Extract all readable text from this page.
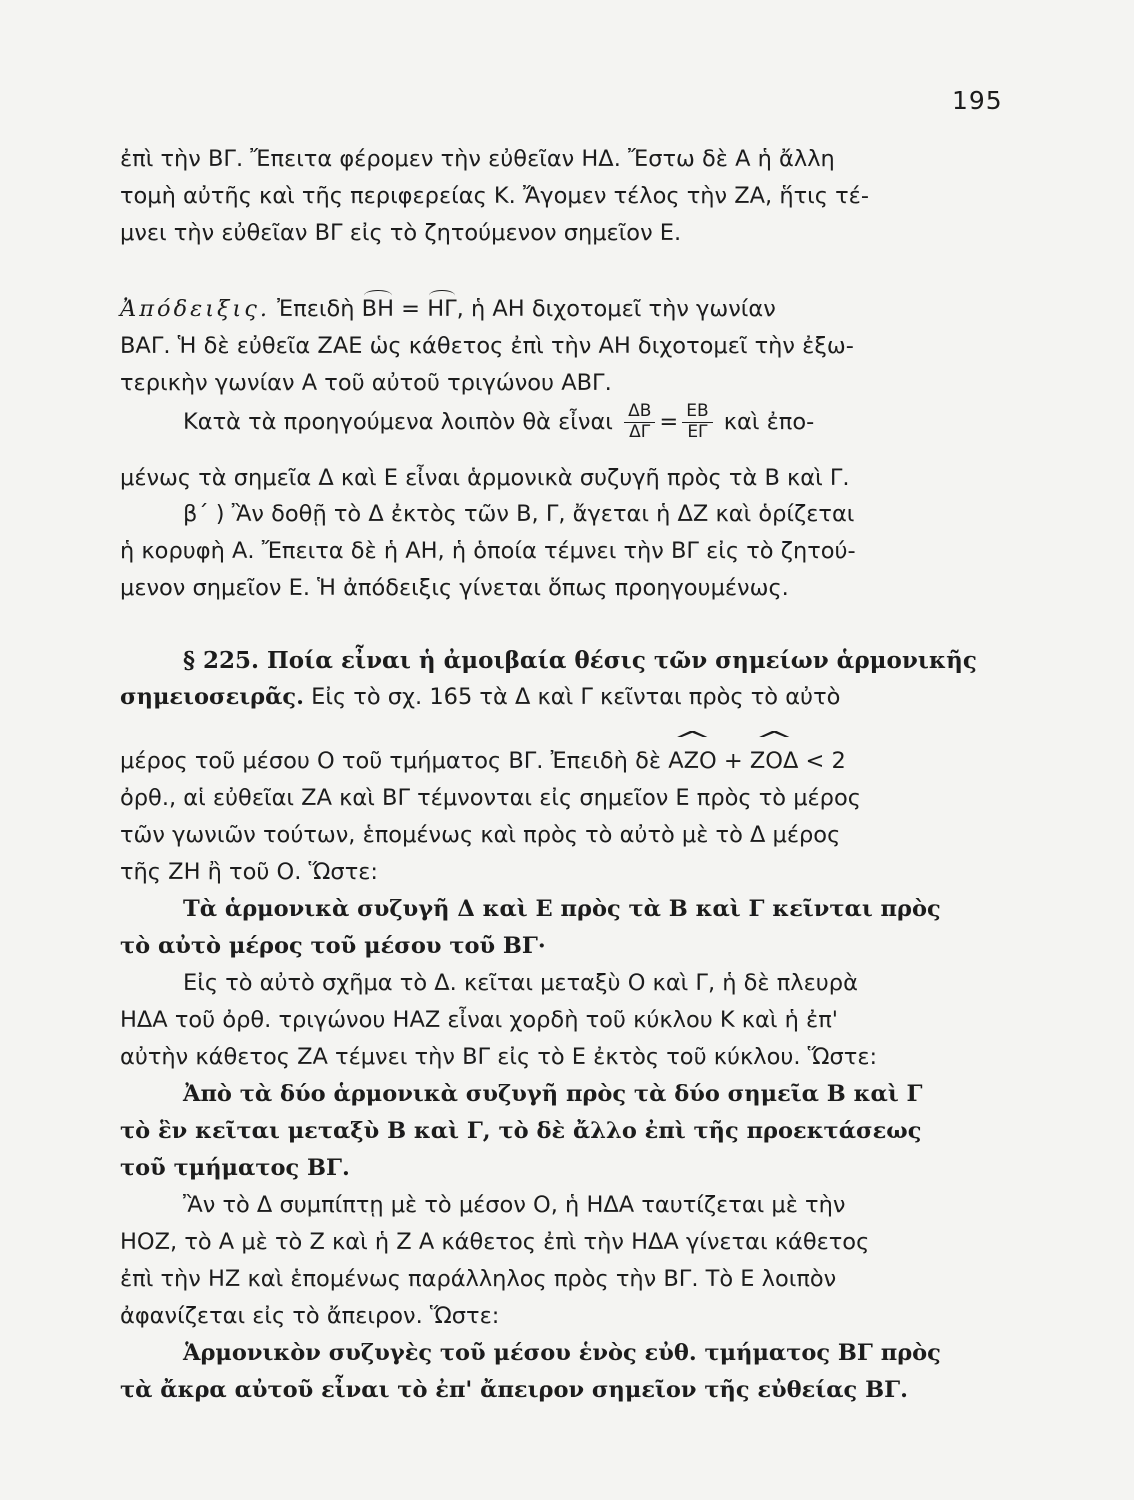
195
ἐπὶ τὴν ΒΓ. Ἔπειτα φέρομεν τὴν εὐθεῖαν ΗΔ. Ἔστω δὲ Α ἡ ἄλλη
τομὴ αὐτῆς καὶ τῆς περιφερείας Κ. Ἄγομεν τέλος τὴν ΖΑ, ἥτις τέ-
μνει τὴν εὐθεῖαν ΒΓ εἰς τὸ ζητούμενον σημεῖον Ε.
Ἀπόδειξις. Ἐπειδὴ ΒΗ = ΗΓ, ἡ ΑΗ διχοτομεῖ τὴν γωνίαν
ΒΑΓ. Ἡ δὲ εὐθεῖα ΖΑΕ ὡς κάθετος ἐπὶ τὴν ΑΗ διχοτομεῖ τὴν ἐξω-
τερικὴν γωνίαν Α τοῦ αὐτοῦ τριγώνου ΑΒΓ.
Κατὰ τὰ προηγούμενα λοιπὸν θὰ εἶναι $\frac{\Delta B}{\Delta\Gamma} = \frac{EB}{E\Gamma}$ καὶ ἐπο-
μένως τὰ σημεῖα Δ καὶ Ε εἶναι ἁρμονικὰ συζυγῆ πρὸς τὰ Β καὶ Γ.
β΄ ) Ἂν δοθῇ τὸ Δ ἐκτὸς τῶν Β, Γ, ἄγεται ἡ ΔΖ καὶ ὁρίζεται
ἡ κορυφὴ Α. Ἔπειτα δὲ ἡ ΑΗ, ἡ ὁποία τέμνει τὴν ΒΓ εἰς τὸ ζητού-
μενον σημεῖον Ε. Ἡ ἀπόδειξις γίνεται ὅπως προηγουμένως.
§ 225. Ποία εἶναι ἡ ἀμοιβαία θέσις τῶν σημείων ἁρμονικῆς
σημειοσειρᾶς. Εἰς τὸ σχ. 165 τὰ Δ καὶ Γ κεῖνται πρὸς τὸ αὐτὸ
μέρος τοῦ μέσου Ο τοῦ τμήματος ΒΓ. Ἐπειδὴ δὲ ^ ΑΖΟ + ^ ΖΟΔ < 2
ὀρθ., αἱ εὐθεῖαι ΖΑ καὶ ΒΓ τέμνονται εἰς σημεῖον Ε πρὸς τὸ μέρος
τῶν γωνιῶν τούτων, ἑπομένως καὶ πρὸς τὸ αὐτὸ μὲ τὸ Δ μέρος
τῆς ΖΗ ἢ τοῦ Ο. Ὥστε:
Τὰ ἁρμονικὰ συζυγῆ Δ καὶ Ε πρὸς τὰ Β καὶ Γ κεῖνται πρὸς
τὸ αὐτὸ μέρος τοῦ μέσου τοῦ ΒΓ·
Εἰς τὸ αὐτὸ σχῆμα τὸ Δ. κεῖται μεταξὺ Ο καὶ Γ, ἡ δὲ πλευρὰ
ΗΔΑ τοῦ ὀρθ. τριγώνου ΗΑΖ εἶναι χορδὴ τοῦ κύκλου Κ καὶ ἡ ἐπ'
αὐτὴν κάθετος ΖΑ τέμνει τὴν ΒΓ εἰς τὸ Ε ἐκτὸς τοῦ κύκλου. Ὥστε:
Ἀπὸ τὰ δύο ἁρμονικὰ συζυγῆ πρὸς τὰ δύο σημεῖα Β καὶ Γ
τὸ ἓν κεῖται μεταξὺ Β καὶ Γ, τὸ δὲ ἄλλο ἐπὶ τῆς προεκτάσεως
τοῦ τμήματος ΒΓ.
Ἂν τὸ Δ συμπίπτῃ μὲ τὸ μέσον Ο, ἡ ΗΔΑ ταυτίζεται μὲ τὴν
ΗΟΖ, τὸ Α μὲ τὸ Ζ καὶ ἡ Ζ Α κάθετος ἐπὶ τὴν ΗΔΑ γίνεται κάθετος
ἐπὶ τὴν ΗΖ καὶ ἑπομένως παράλληλος πρὸς τὴν ΒΓ. Τὸ Ε λοιπὸν
ἀφανίζεται εἰς τὸ ἄπειρον. Ὥστε:
Ἁρμονικὸν συζυγὲς τοῦ μέσου ἑνὸς εὐθ. τμήματος ΒΓ πρὸς
τὰ ἄκρα αὐτοῦ εἶναι τὸ ἐπ' ἄπειρον σημεῖον τῆς εὐθείας ΒΓ.
